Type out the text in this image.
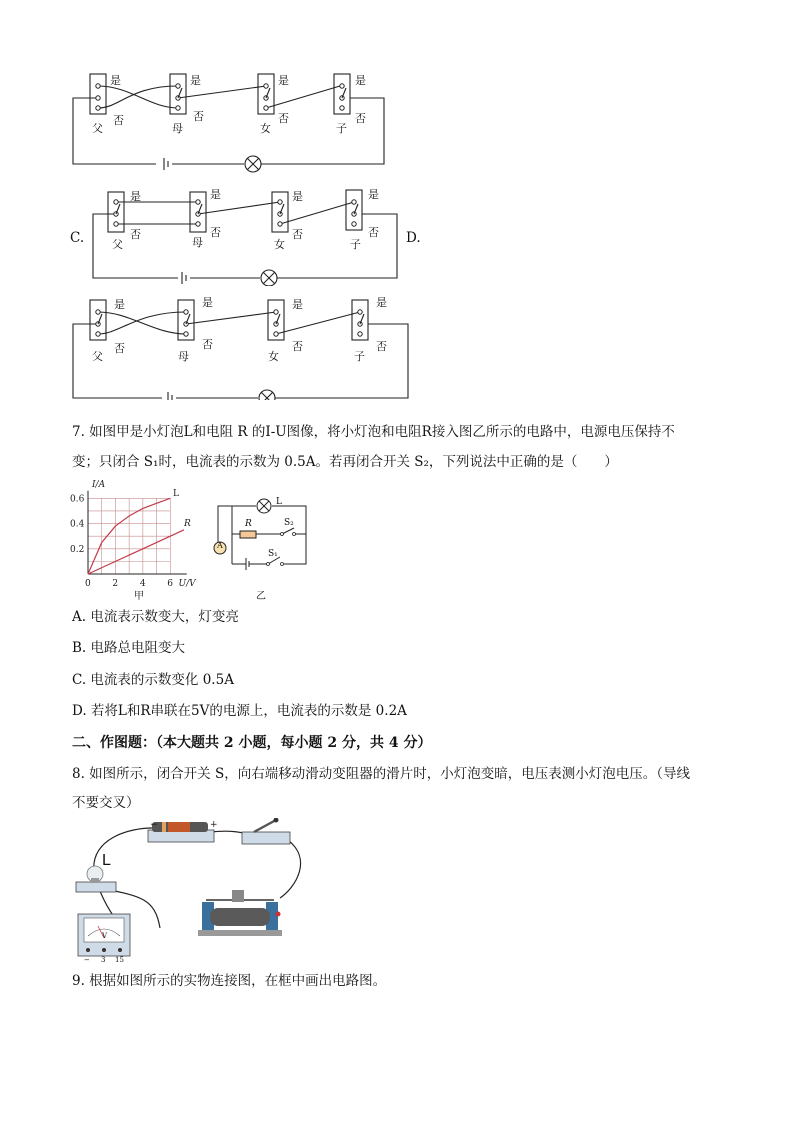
是	是	是	是
否	否	否	否
父	母	女	子
C.	D.
是	是	是	是
否	否	否	否
父	母	女	子
是	是	是	是
否	否	否	否
父	母	女	子
7. 如图甲是小灯泡L和电阻 R 的I-U图像，将小灯泡和电阻R接入图乙所示的电路中，电源电压保持不
变；只闭合 S₁时，电流表的示数为 0.5A。若再闭合开关 S₂，下列说法中正确的是（　　）
0.6
0.4
0.2
0 2 4 6
I/A
U/V
L
R
L
R	S₂
S₁
A
乙
甲
A. 电流表示数变大，灯变亮
B. 电路总电阻变大
C. 电流表的示数变化 0.5A
D. 若将L和R串联在5V的电源上，电流表的示数是 0.2A
二、作图题：（本大题共 2 小题，每小题 2 分，共 4 分）
8. 如图所示，闭合开关 S，向右端移动滑动变阻器的滑片时，小灯泡变暗，电压表测小灯泡电压。（导线
不要交叉）
L
−	+
V
− 3 15
9. 根据如图所示的实物连接图，在框中画出电路图。
